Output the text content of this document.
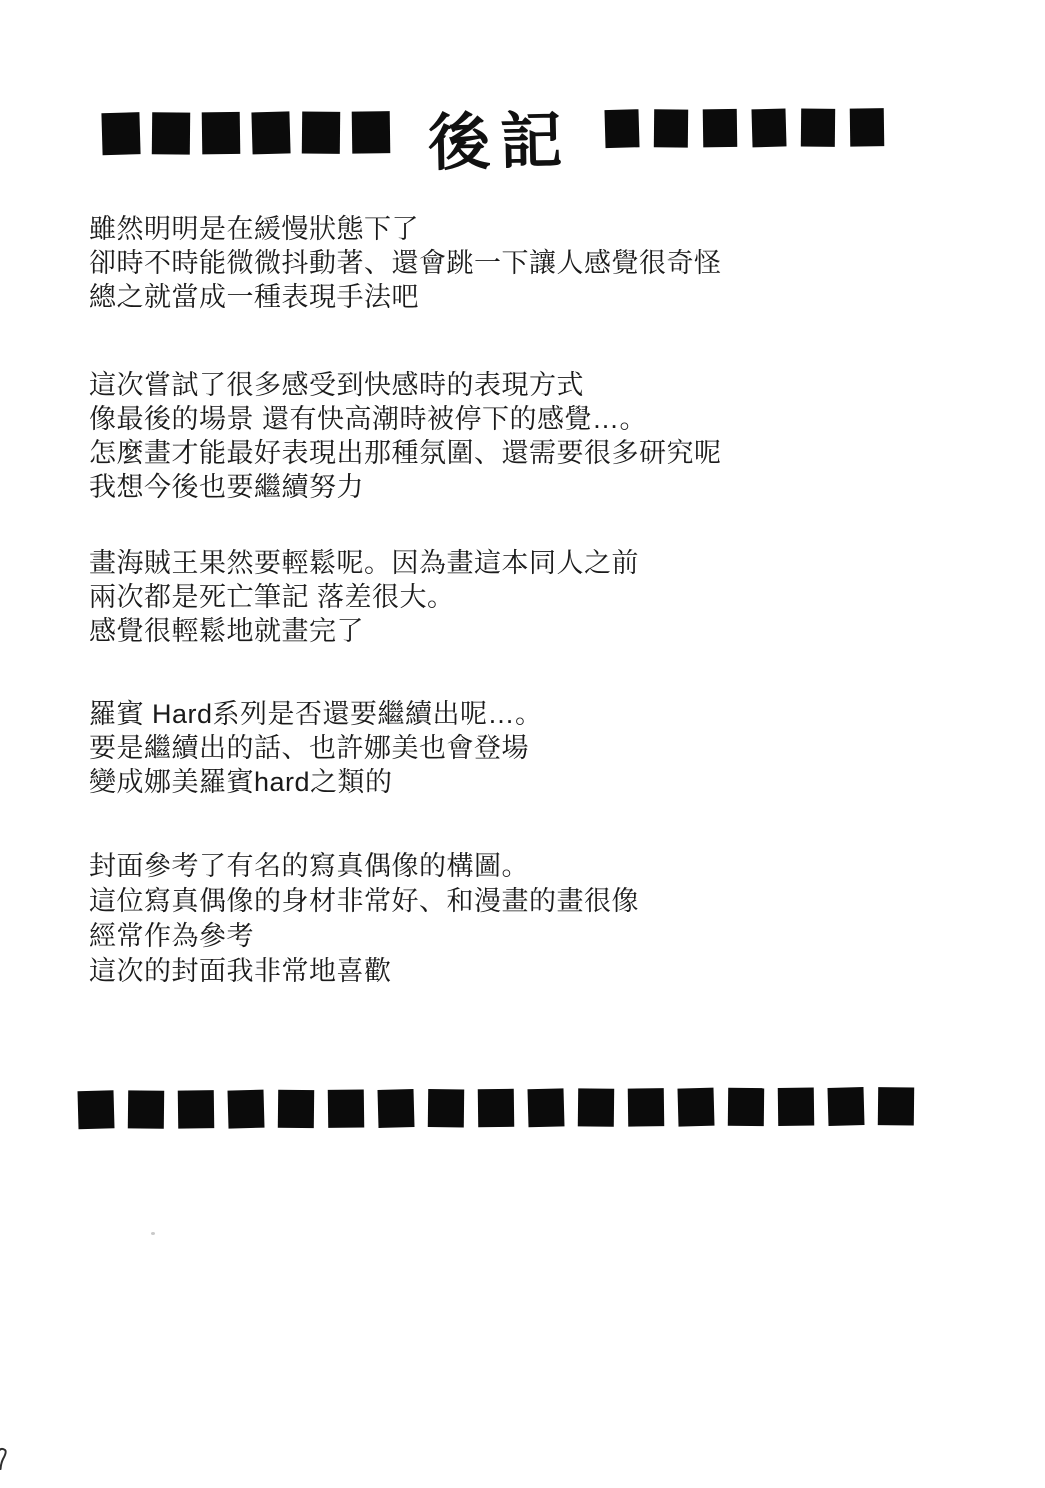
後記
雖然明明是在緩慢狀態下了
卻時不時能微微抖動著、還會跳一下讓人感覺很奇怪
總之就當成一種表現手法吧
這次嘗試了很多感受到快感時的表現方式
像最後的場景 還有快高潮時被停下的感覺…。
怎麼畫才能最好表現出那種氛圍、還需要很多研究呢
我想今後也要繼續努力
畫海賊王果然要輕鬆呢。因為畫這本同人之前
兩次都是死亡筆記 落差很大。
感覺很輕鬆地就畫完了
羅賓 Hard系列是否還要繼續出呢…。
要是繼續出的話、也許娜美也會登場
變成娜美羅賓hard之類的
封面參考了有名的寫真偶像的構圖。
這位寫真偶像的身材非常好、和漫畫的畫很像
經常作為參考
這次的封面我非常地喜歡
